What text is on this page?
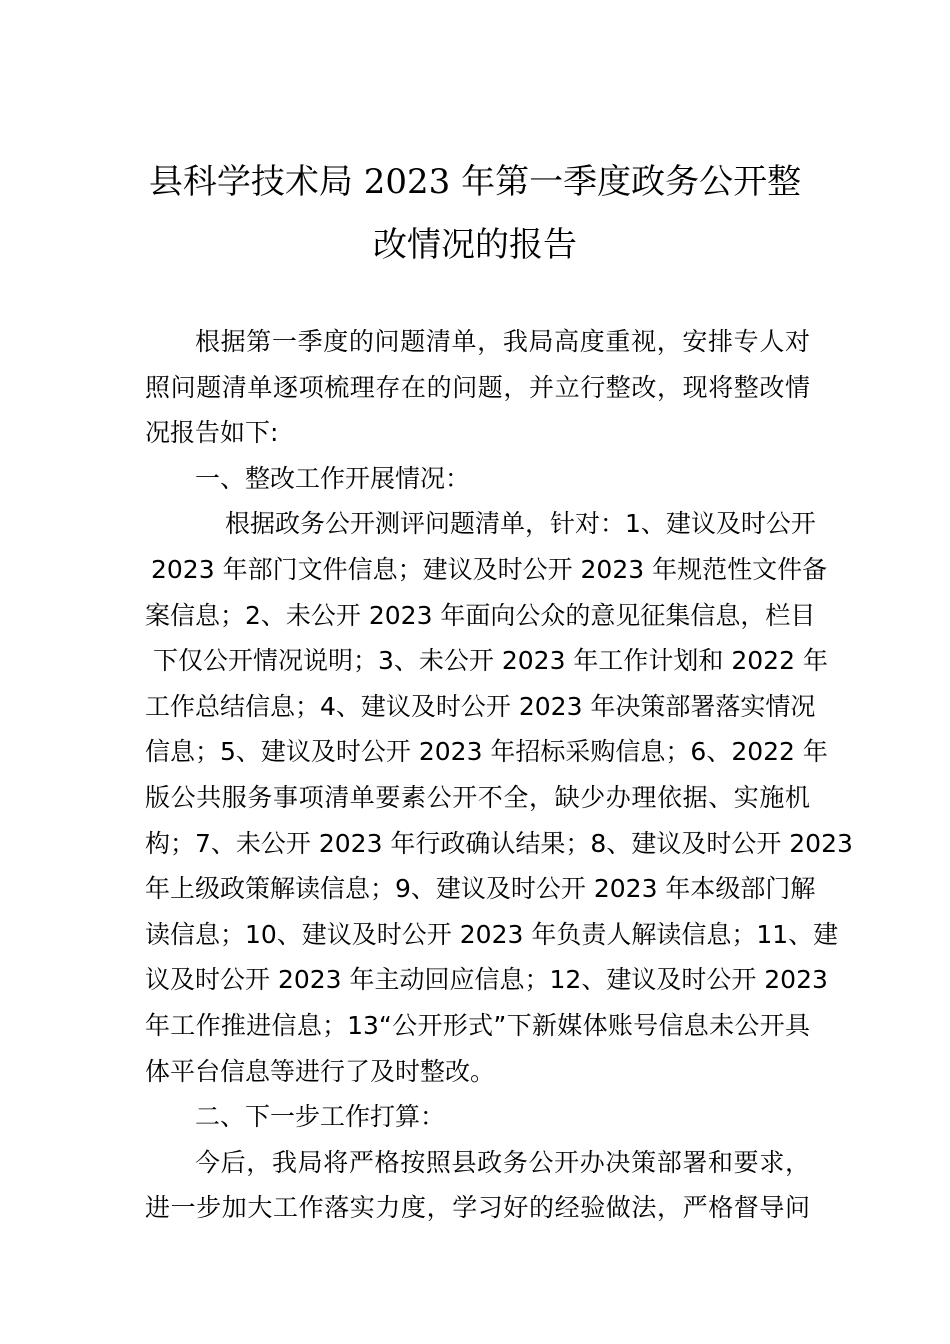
县科学技术局 2023 年第一季度政务公开整
改情况的报告
根据第一季度的问题清单，我局高度重视，安排专人对
照问题清单逐项梳理存在的问题，并立行整改，现将整改情
况报告如下:
一、整改工作开展情况：
根据政务公开测评问题清单，针对：1、建议及时公开
2023 年部门文件信息；建议及时公开 2023 年规范性文件备
案信息；2、未公开 2023 年面向公众的意见征集信息，栏目
下仅公开情况说明；3、未公开 2023 年工作计划和 2022 年
工作总结信息；4、建议及时公开 2023 年决策部署落实情况
信息；5、建议及时公开 2023 年招标采购信息；6、2022 年
版公共服务事项清单要素公开不全，缺少办理依据、实施机
构；7、未公开 2023 年行政确认结果；8、建议及时公开 2023
年上级政策解读信息；9、建议及时公开 2023 年本级部门解
读信息；10、建议及时公开 2023 年负责人解读信息；11、建
议及时公开 2023 年主动回应信息；12、建议及时公开 2023
年工作推进信息；13“公开形式”下新媒体账号信息未公开具
体平台信息等进行了及时整改。
二、下一步工作打算：
今后，我局将严格按照县政务公开办决策部署和要求，
进一步加大工作落实力度，学习好的经验做法，严格督导问
